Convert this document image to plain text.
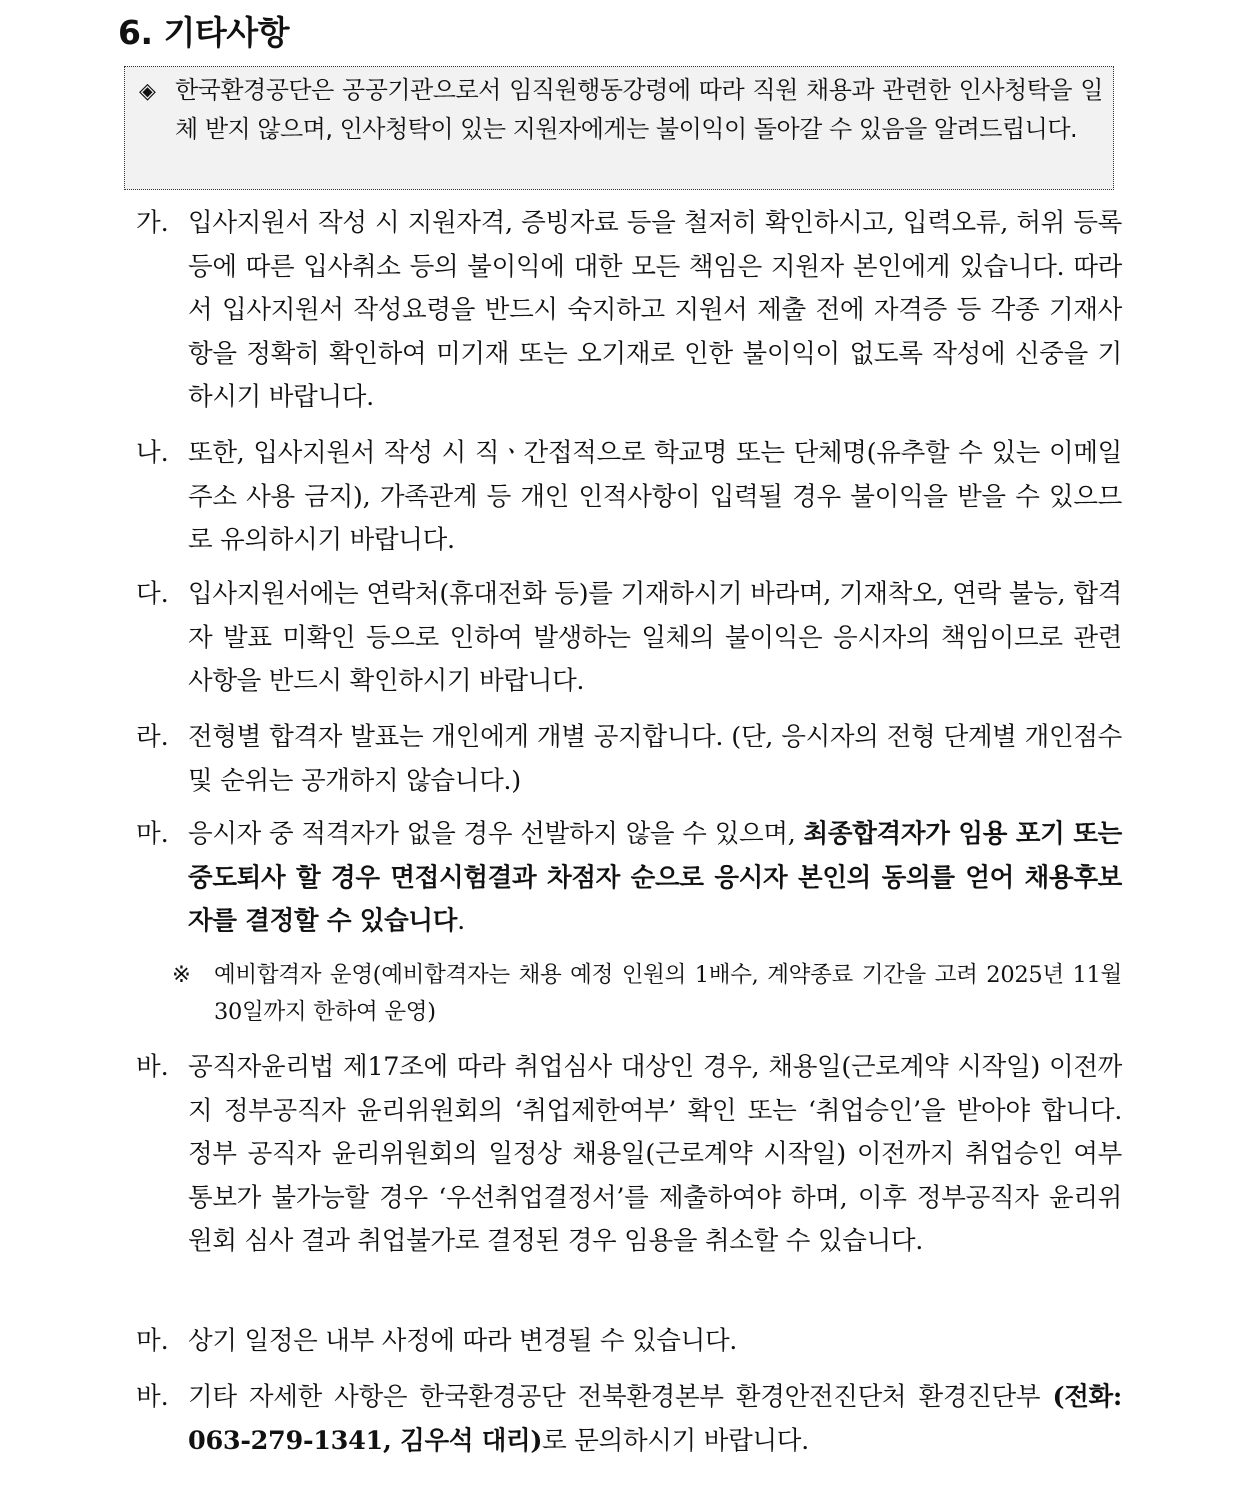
6. 기타사항
◈ 한국환경공단은 공공기관으로서 임직원행동강령에 따라 직원 채용과 관련한 인사청탁을 일체 받지 않으며, 인사청탁이 있는 지원자에게는 불이익이 돌아갈 수 있음을 알려드립니다.
가. 입사지원서 작성 시 지원자격, 증빙자료 등을 철저히 확인하시고, 입력오류, 허위 등록 등에 따른 입사취소 등의 불이익에 대한 모든 책임은 지원자 본인에게 있습니다. 따라서 입사지원서 작성요령을 반드시 숙지하고 지원서 제출 전에 자격증 등 각종 기재사항을 정확히 확인하여 미기재 또는 오기재로 인한 불이익이 없도록 작성에 신중을 기하시기 바랍니다.
나. 또한, 입사지원서 작성 시 직ㆍ간접적으로 학교명 또는 단체명(유추할 수 있는 이메일 주소 사용 금지), 가족관계 등 개인 인적사항이 입력될 경우 불이익을 받을 수 있으므로 유의하시기 바랍니다.
다. 입사지원서에는 연락처(휴대전화 등)를 기재하시기 바라며, 기재착오, 연락 불능, 합격자 발표 미확인 등으로 인하여 발생하는 일체의 불이익은 응시자의 책임이므로 관련 사항을 반드시 확인하시기 바랍니다.
라. 전형별 합격자 발표는 개인에게 개별 공지합니다. (단, 응시자의 전형 단계별 개인점수 및 순위는 공개하지 않습니다.)
마. 응시자 중 적격자가 없을 경우 선발하지 않을 수 있으며, 최종합격자가 임용 포기 또는 중도퇴사 할 경우 면접시험결과 차점자 순으로 응시자 본인의 동의를 얻어 채용후보자를 결정할 수 있습니다.
※ 예비합격자 운영(예비합격자는 채용 예정 인원의 1배수, 계약종료 기간을 고려 2025년 11월 30일까지 한하여 운영)
바. 공직자윤리법 제17조에 따라 취업심사 대상인 경우, 채용일(근로계약 시작일) 이전까지 정부공직자 윤리위원회의 ‘취업제한여부’ 확인 또는 ‘취업승인’을 받아야 합니다. 정부 공직자 윤리위원회의 일정상 채용일(근로계약 시작일) 이전까지 취업승인 여부 통보가 불가능할 경우 ‘우선취업결정서’를 제출하여야 하며, 이후 정부공직자 윤리위원회 심사 결과 취업불가로 결정된 경우 임용을 취소할 수 있습니다.
마. 상기 일정은 내부 사정에 따라 변경될 수 있습니다.
바. 기타 자세한 사항은 한국환경공단 전북환경본부 환경안전진단처 환경진단부 (전화: 063-279-1341, 김우석 대리)로 문의하시기 바랍니다.
